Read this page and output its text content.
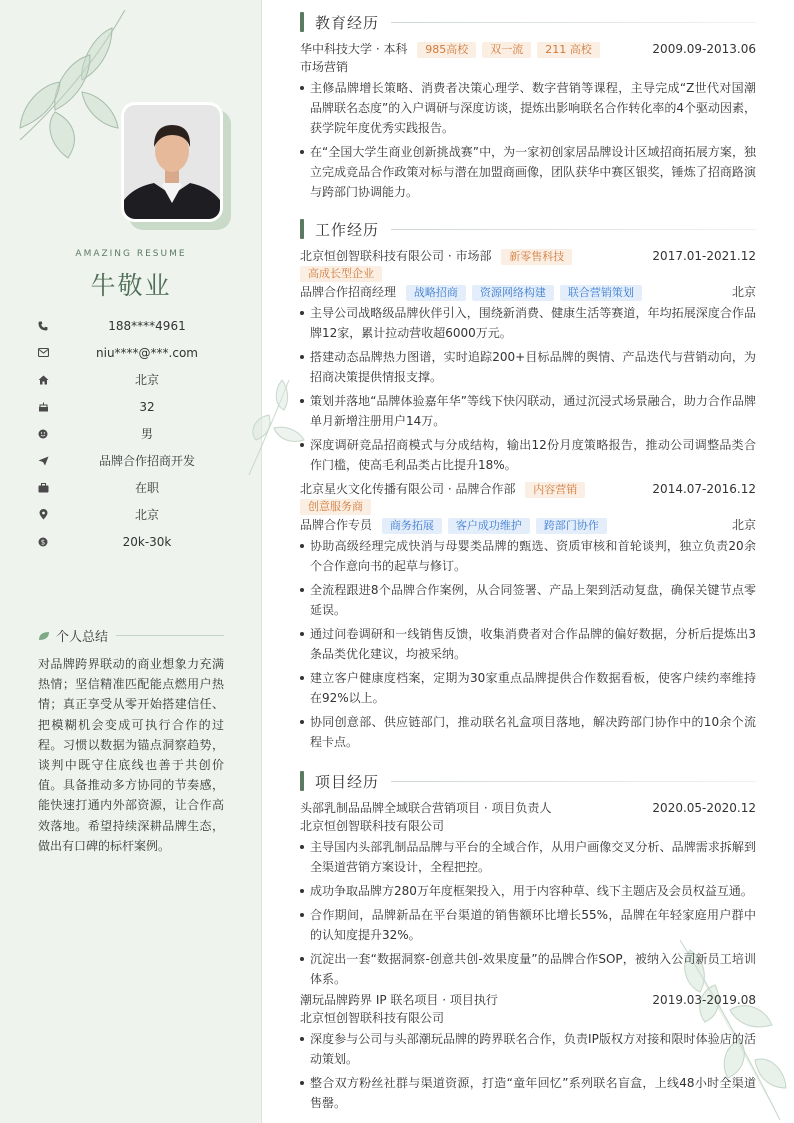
AMAZING RESUME
牛敬业
188****4961
niu****@***.com
北京
32
男
品牌合作招商开发
在职
北京
$	20k-30k
个人总结
对品牌跨界联动的商业想象力充满热情；坚信精准匹配能点燃用户热情；真正享受从零开始搭建信任、把模糊机会变成可执行合作的过程。习惯以数据为锚点洞察趋势，谈判中既守住底线也善于共创价值。具备推动多方协同的节奏感，能快速打通内外部资源，让合作高效落地。希望持续深耕品牌生态，做出有口碑的标杆案例。
教育经历
华中科技大学 · 本科 985高校 双一流 211 高校	2009.09-2013.06
市场营销
主修品牌增长策略、消费者决策心理学、数字营销等课程，主导完成“Z世代对国潮品牌联名态度”的入户调研与深度访谈，提炼出影响联名合作转化率的4个驱动因素，获学院年度优秀实践报告。
在“全国大学生商业创新挑战赛”中，为一家初创家居品牌设计区域招商拓展方案，独立完成竞品合作政策对标与潜在加盟商画像，团队获华中赛区银奖，锤炼了招商路演与跨部门协调能力。
工作经历
北京恒创智联科技有限公司 · 市场部 新零售科技	2017.01-2021.12
高成长型企业
品牌合作招商经理 战略招商 资源网络构建 联合营销策划	北京
主导公司战略级品牌伙伴引入，围绕新消费、健康生活等赛道，年均拓展深度合作品牌12家，累计拉动营收超6000万元。
搭建动态品牌热力图谱，实时追踪200+目标品牌的舆情、产品迭代与营销动向，为招商决策提供情报支撑。
策划并落地“品牌体验嘉年华”等线下快闪联动，通过沉浸式场景融合，助力合作品牌单月新增注册用户14万。
深度调研竞品招商模式与分成结构，输出12份月度策略报告，推动公司调整品类合作门槛，使高毛利品类占比提升18%。
北京星火文化传播有限公司 · 品牌合作部 内容营销	2014.07-2016.12
创意服务商
品牌合作专员 商务拓展 客户成功维护 跨部门协作	北京
协助高级经理完成快消与母婴类品牌的甄选、资质审核和首轮谈判，独立负责20余个合作意向书的起草与修订。
全流程跟进8个品牌合作案例，从合同签署、产品上架到活动复盘，确保关键节点零延误。
通过问卷调研和一线销售反馈，收集消费者对合作品牌的偏好数据，分析后提炼出3条品类优化建议，均被采纳。
建立客户健康度档案，定期为30家重点品牌提供合作数据看板，使客户续约率维持在92%以上。
协同创意部、供应链部门，推动联名礼盒项目落地，解决跨部门协作中的10余个流程卡点。
项目经历
头部乳制品品牌全域联合营销项目 · 项目负责人	2020.05-2020.12
北京恒创智联科技有限公司
主导国内头部乳制品品牌与平台的全域合作，从用户画像交叉分析、品牌需求拆解到全渠道营销方案设计，全程把控。
成功争取品牌方280万年度框架投入，用于内容种草、线下主题店及会员权益互通。
合作期间，品牌新品在平台渠道的销售额环比增长55%，品牌在年轻家庭用户群中的认知度提升32%。
沉淀出一套“数据洞察-创意共创-效果度量”的品牌合作SOP，被纳入公司新员工培训体系。
潮玩品牌跨界 IP 联名项目 · 项目执行	2019.03-2019.08
北京恒创智联科技有限公司
深度参与公司与头部潮玩品牌的跨界联名合作，负责IP版权方对接和限时体验店的活动策划。
整合双方粉丝社群与渠道资源，打造“童年回忆”系列联名盲盒，上线48小时全渠道售罄。
